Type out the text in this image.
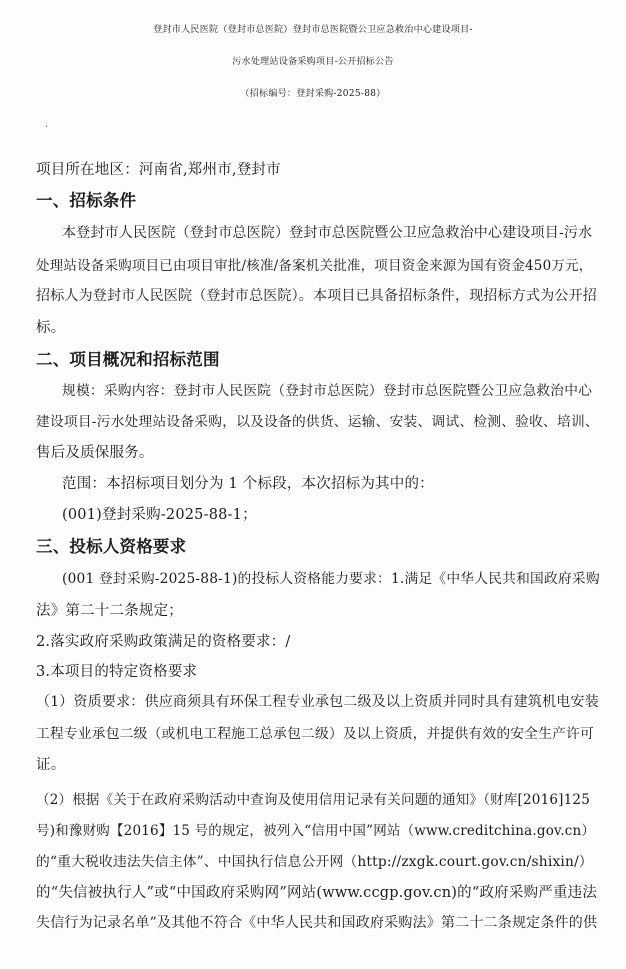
登封市人民医院（登封市总医院）登封市总医院暨公卫应急救治中心建设项目-
污水处理站设备采购项目-公开招标公告
（招标编号：登封采购-2025-88）
·
项目所在地区：河南省,郑州市,登封市
一、招标条件
本登封市人民医院（登封市总医院）登封市总医院暨公卫应急救治中心建设项目-污水
处理站设备采购项目已由项目审批/核准/备案机关批准，项目资金来源为国有资金450万元，
招标人为登封市人民医院（登封市总医院）。本项目已具备招标条件，现招标方式为公开招
标。
二、项目概况和招标范围
规模：采购内容：登封市人民医院（登封市总医院）登封市总医院暨公卫应急救治中心
建设项目-污水处理站设备采购，以及设备的供货、运输、安装、调试、检测、验收、培训、
售后及质保服务。
范围：本招标项目划分为 1 个标段，本次招标为其中的：
(001)登封采购-2025-88-1；
三、投标人资格要求
(001 登封采购-2025-88-1)的投标人资格能力要求：1.满足《中华人民共和国政府采购
法》第二十二条规定；
2.落实政府采购政策满足的资格要求：/
3.本项目的特定资格要求
（1）资质要求：供应商须具有环保工程专业承包二级及以上资质并同时具有建筑机电安装
工程专业承包二级（或机电工程施工总承包二级）及以上资质，并提供有效的安全生产许可
证。
（2）根据《关于在政府采购活动中查询及使用信用记录有关问题的通知》（财库[2016]125
号)和豫财购【2016】15 号的规定，被列入“信用中国”网站（www.creditchina.gov.cn）
的“重大税收违法失信主体”、中国执行信息公开网（http://zxgk.court.gov.cn/shixin/）
的“失信被执行人”或“中国政府采购网”网站(www.ccgp.gov.cn)的“政府采购严重违法
失信行为记录名单”及其他不符合《中华人民共和国政府采购法》第二十二条规定条件的供
